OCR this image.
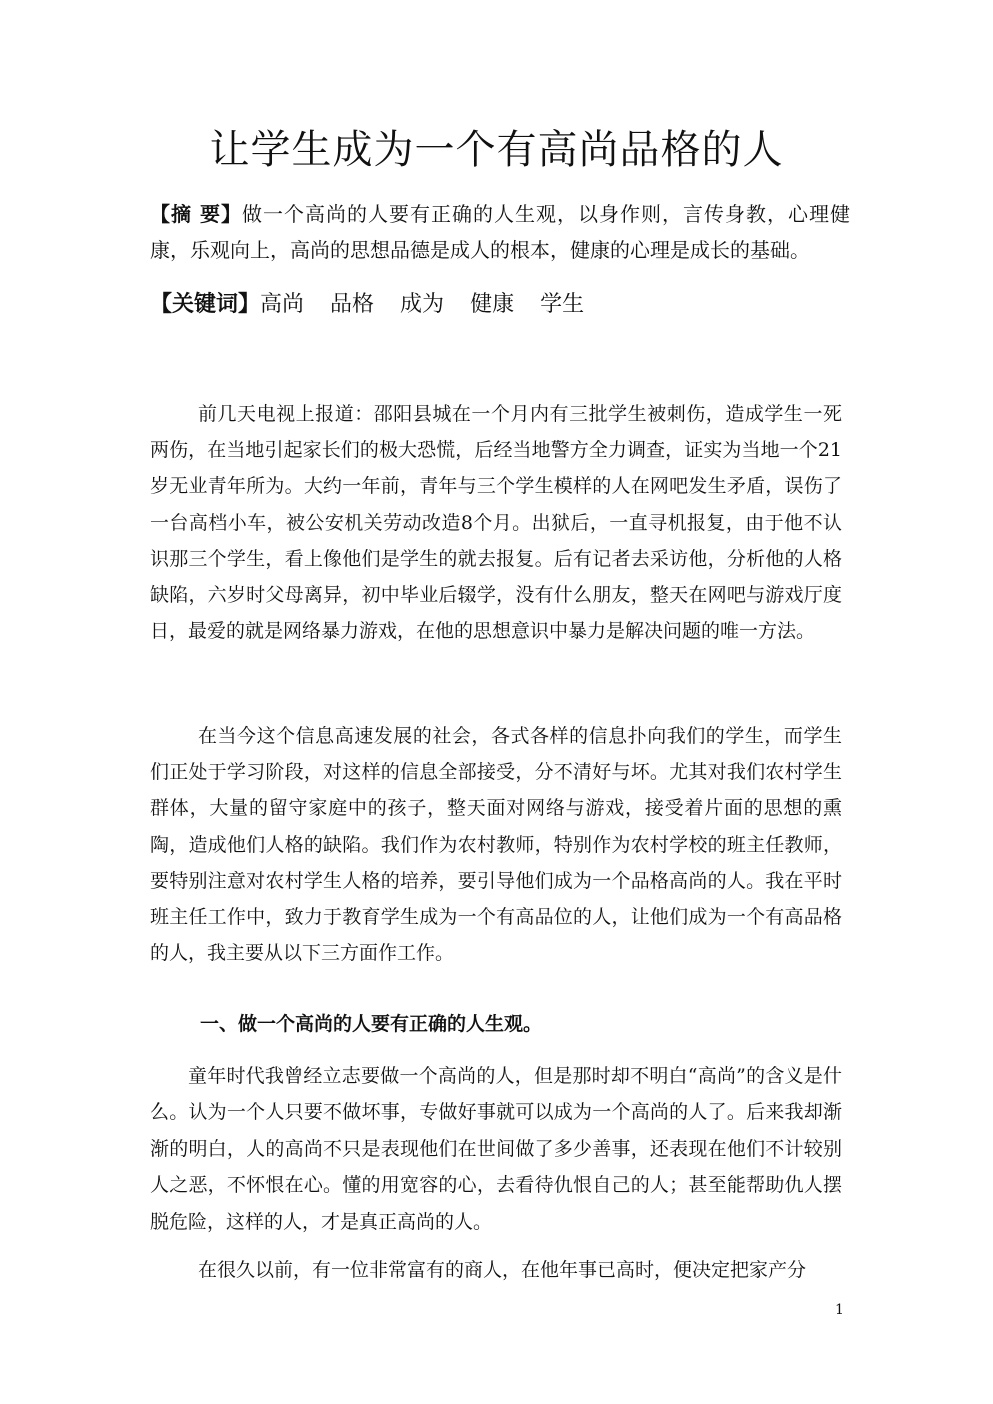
让学生成为一个有高尚品格的人

【摘 要】做一个高尚的人要有正确的人生观，以身作则，言传身教，心理健康，乐观向上，高尚的思想品德是成人的根本，健康的心理是成长的基础。

【关键词】高尚 品格 成为 健康 学生

前几天电视上报道：邵阳县城在一个月内有三批学生被刺伤，造成学生一死两伤，在当地引起家长们的极大恐慌，后经当地警方全力调查，证实为当地一个21岁无业青年所为。大约一年前，青年与三个学生模样的人在网吧发生矛盾，误伤了一台高档小车，被公安机关劳动改造8个月。出狱后，一直寻机报复，由于他不认识那三个学生，看上像他们是学生的就去报复。后有记者去采访他，分析他的人格缺陷，六岁时父母离异，初中毕业后辍学，没有什么朋友，整天在网吧与游戏厅度日，最爱的就是网络暴力游戏，在他的思想意识中暴力是解决问题的唯一方法。

在当今这个信息高速发展的社会，各式各样的信息扑向我们的学生，而学生们正处于学习阶段，对这样的信息全部接受，分不清好与坏。尤其对我们农村学生群体，大量的留守家庭中的孩子，整天面对网络与游戏，接受着片面的思想的熏陶，造成他们人格的缺陷。我们作为农村教师，特别作为农村学校的班主任教师，要特别注意对农村学生人格的培养，要引导他们成为一个品格高尚的人。我在平时班主任工作中，致力于教育学生成为一个有高品位的人，让他们成为一个有高品格的人，我主要从以下三方面作工作。

一、做一个高尚的人要有正确的人生观。

童年时代我曾经立志要做一个高尚的人，但是那时却不明白“高尚”的含义是什么。认为一个人只要不做坏事，专做好事就可以成为一个高尚的人了。后来我却渐渐的明白，人的高尚不只是表现他们在世间做了多少善事，还表现在他们不计较别人之恶，不怀恨在心。懂的用宽容的心，去看待仇恨自己的人；甚至能帮助仇人摆脱危险，这样的人，才是真正高尚的人。

在很久以前，有一位非常富有的商人，在他年事已高时，便决定把家产分

1
